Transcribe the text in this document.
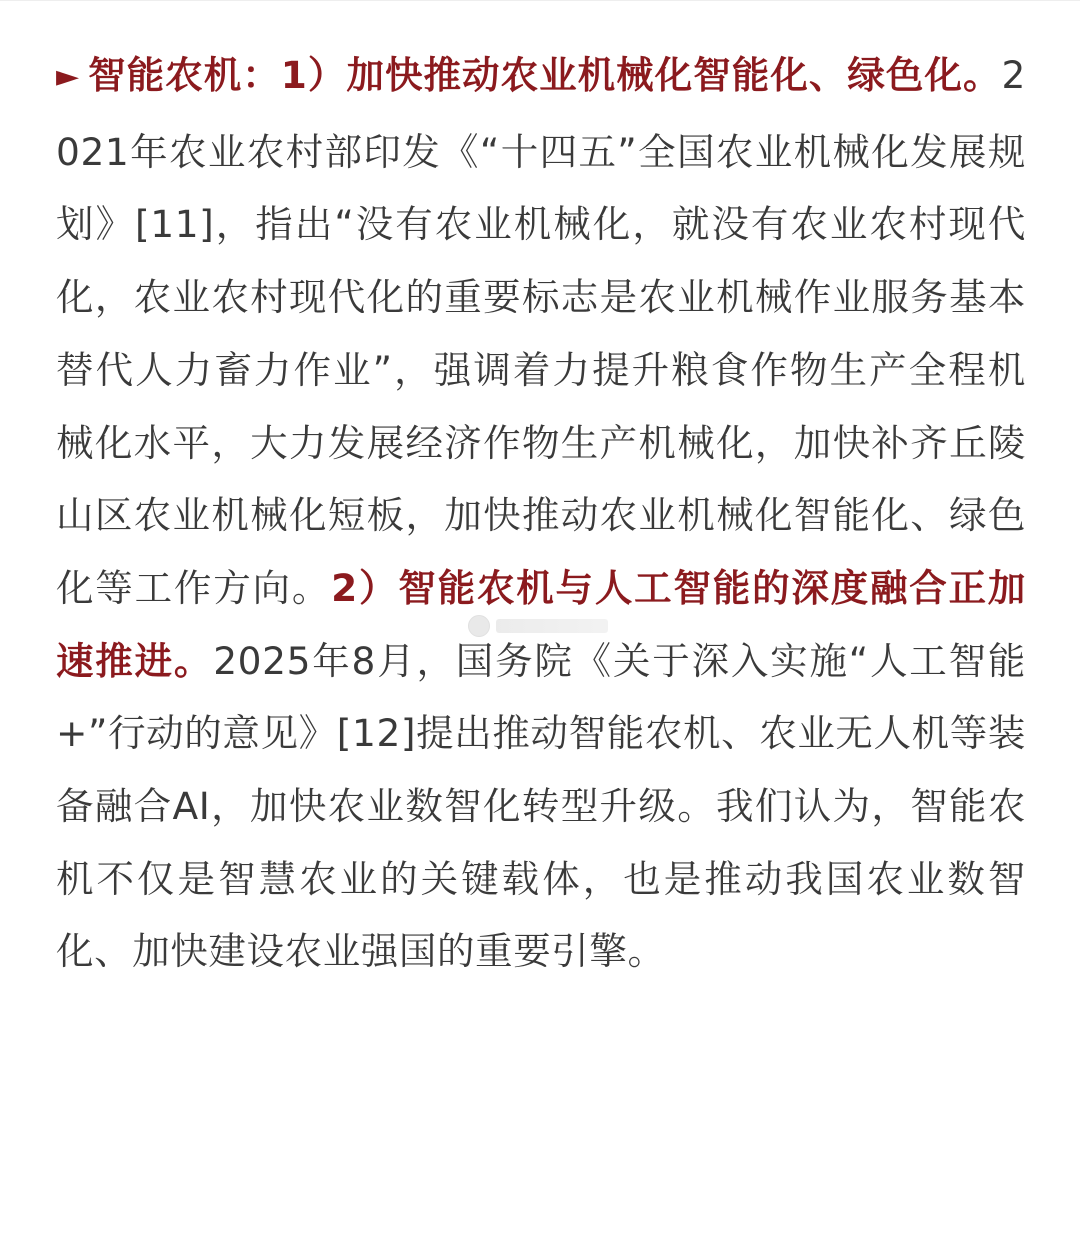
► 智能农机：1）加快推动农业机械化智能化、绿色化。2021年农业农村部印发《“十四五”全国农业机械化发展规划》[11]，指出“没有农业机械化，就没有农业农村现代化，农业农村现代化的重要标志是农业机械作业服务基本替代人力畜力作业”，强调着力提升粮食作物生产全程机械化水平，大力发展经济作物生产机械化，加快补齐丘陵山区农业机械化短板，加快推动农业机械化智能化、绿色化等工作方向。2）智能农机与人工智能的深度融合正加速推进。2025年8月，国务院《关于深入实施“人工智能+”行动的意见》[12]提出推动智能农机、农业无人机等装备融合AI，加快农业数智化转型升级。我们认为，智能农机不仅是智慧农业的关键载体，也是推动我国农业数智化、加快建设农业强国的重要引擎。
